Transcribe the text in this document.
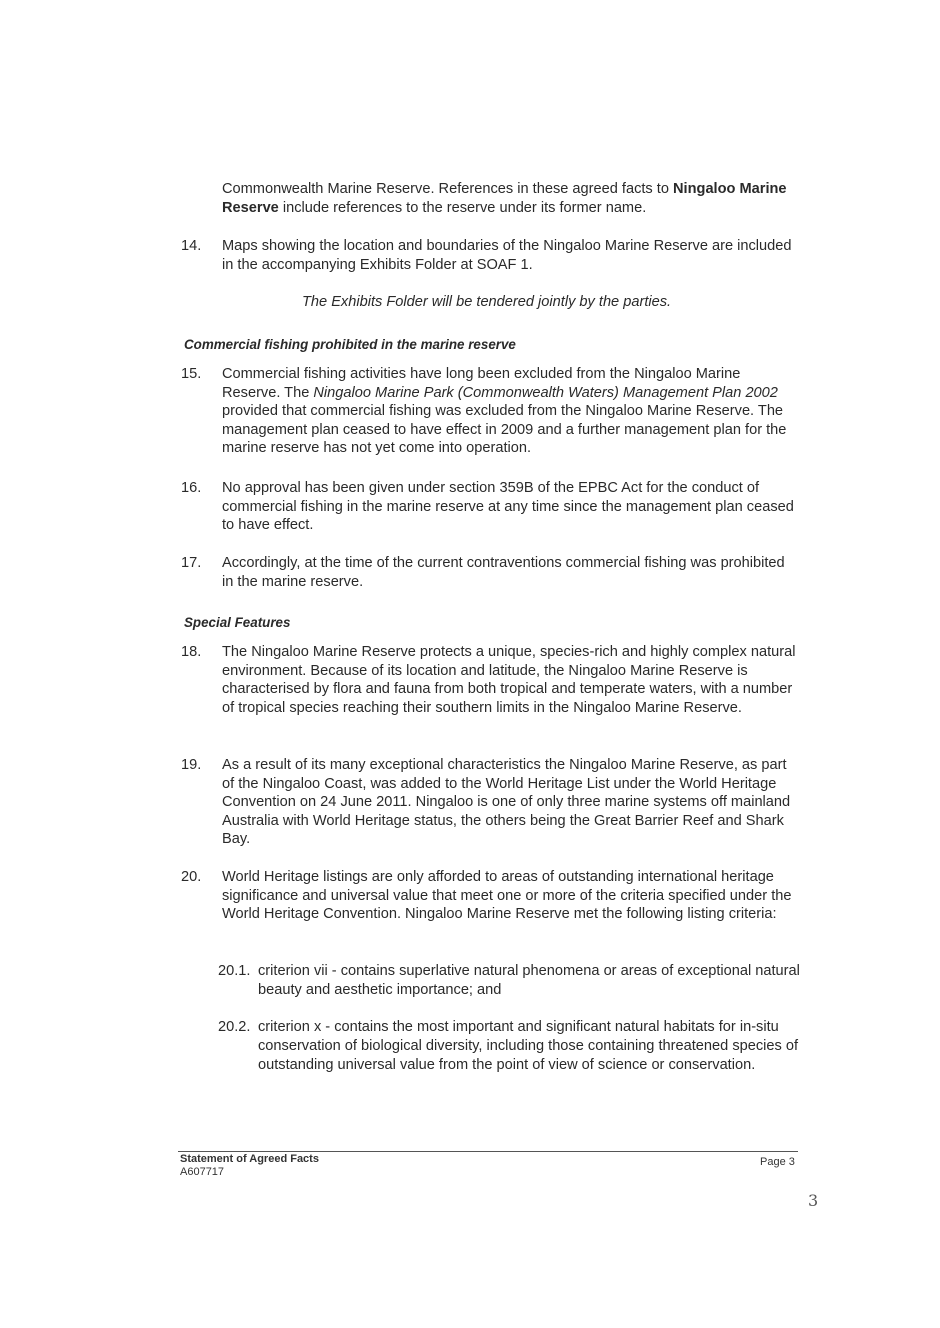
Commonwealth Marine Reserve. References in these agreed facts to Ningaloo Marine Reserve include references to the reserve under its former name.
14.	Maps showing the location and boundaries of the Ningaloo Marine Reserve are included in the accompanying Exhibits Folder at SOAF 1.
The Exhibits Folder will be tendered jointly by the parties.
Commercial fishing prohibited in the marine reserve
15.	Commercial fishing activities have long been excluded from the Ningaloo Marine Reserve. The Ningaloo Marine Park (Commonwealth Waters) Management Plan 2002 provided that commercial fishing was excluded from the Ningaloo Marine Reserve. The management plan ceased to have effect in 2009 and a further management plan for the marine reserve has not yet come into operation.
16.	No approval has been given under section 359B of the EPBC Act for the conduct of commercial fishing in the marine reserve at any time since the management plan ceased to have effect.
17.	Accordingly, at the time of the current contraventions commercial fishing was prohibited in the marine reserve.
Special Features
18.	The Ningaloo Marine Reserve protects a unique, species-rich and highly complex natural environment. Because of its location and latitude, the Ningaloo Marine Reserve is characterised by flora and fauna from both tropical and temperate waters, with a number of tropical species reaching their southern limits in the Ningaloo Marine Reserve.
19.	As a result of its many exceptional characteristics the Ningaloo Marine Reserve, as part of the Ningaloo Coast, was added to the World Heritage List under the World Heritage Convention on 24 June 2011. Ningaloo is one of only three marine systems off mainland Australia with World Heritage status, the others being the Great Barrier Reef and Shark Bay.
20.	World Heritage listings are only afforded to areas of outstanding international heritage significance and universal value that meet one or more of the criteria specified under the World Heritage Convention. Ningaloo Marine Reserve met the following listing criteria:
20.1. criterion vii - contains superlative natural phenomena or areas of exceptional natural beauty and aesthetic importance; and
20.2. criterion x - contains the most important and significant natural habitats for in-situ conservation of biological diversity, including those containing threatened species of outstanding universal value from the point of view of science or conservation.
Statement of Agreed Facts
A607717
Page 3
3
